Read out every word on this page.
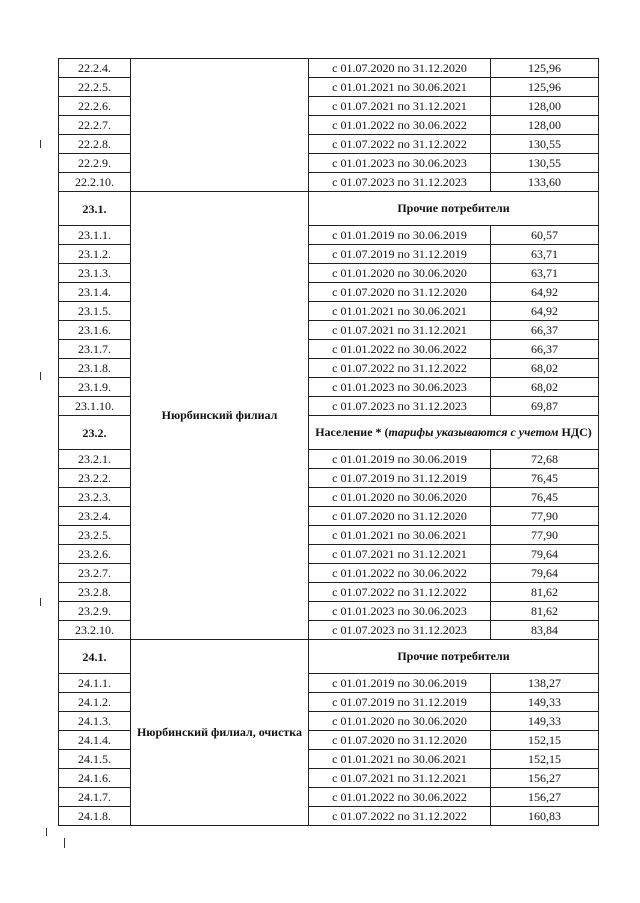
22.2.4.		с 01.07.2020 по 31.12.2020	125,96
22.2.5.		с 01.01.2021 по 30.06.2021	125,96
22.2.6.		с 01.07.2021 по 31.12.2021	128,00
22.2.7.		с 01.01.2022 по 30.06.2022	128,00
22.2.8.		с 01.07.2022 по 31.12.2022	130,55
22.2.9.		с 01.01.2023 по 30.06.2023	130,55
22.2.10.		с 01.07.2023 по 31.12.2023	133,60
23.1.	Нюрбинский филиал	Прочие потребители	
23.1.1.		с 01.01.2019 по 30.06.2019	60,57
23.1.2.		с 01.07.2019 по 31.12.2019	63,71
23.1.3.		с 01.01.2020 по 30.06.2020	63,71
23.1.4.		с 01.07.2020 по 31.12.2020	64,92
23.1.5.		с 01.01.2021 по 30.06.2021	64,92
23.1.6.		с 01.07.2021 по 31.12.2021	66,37
23.1.7.		с 01.01.2022 по 30.06.2022	66,37
23.1.8.		с 01.07.2022 по 31.12.2022	68,02
23.1.9.		с 01.01.2023 по 30.06.2023	68,02
23.1.10.		с 01.07.2023 по 31.12.2023	69,87
23.2.		Население * (тарифы указываются с учетом НДС)	
23.2.1.		с 01.01.2019 по 30.06.2019	72,68
23.2.2.		с 01.07.2019 по 31.12.2019	76,45
23.2.3.		с 01.01.2020 по 30.06.2020	76,45
23.2.4.		с 01.07.2020 по 31.12.2020	77,90
23.2.5.		с 01.01.2021 по 30.06.2021	77,90
23.2.6.		с 01.07.2021 по 31.12.2021	79,64
23.2.7.		с 01.01.2022 по 30.06.2022	79,64
23.2.8.		с 01.07.2022 по 31.12.2022	81,62
23.2.9.		с 01.01.2023 по 30.06.2023	81,62
23.2.10.		с 01.07.2023 по 31.12.2023	83,84
24.1.	Нюрбинский филиал, очистка	Прочие потребители	
24.1.1.		с 01.01.2019 по 30.06.2019	138,27
24.1.2.		с 01.07.2019 по 31.12.2019	149,33
24.1.3.		с 01.01.2020 по 30.06.2020	149,33
24.1.4.		с 01.07.2020 по 31.12.2020	152,15
24.1.5.		с 01.01.2021 по 30.06.2021	152,15
24.1.6.		с 01.07.2021 по 31.12.2021	156,27
24.1.7.		с 01.01.2022 по 30.06.2022	156,27
24.1.8.		с 01.07.2022 по 31.12.2022	160,83
